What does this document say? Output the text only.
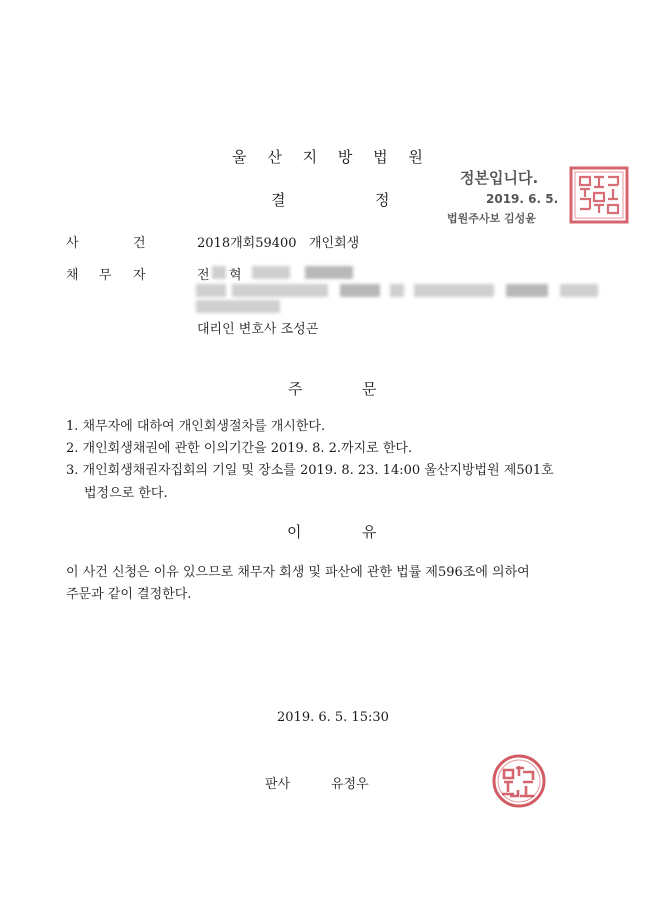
울 산 지 방 법 원
결	정
정본입니다.
2019. 6. 5.
법원주사보 김성윤
사	건	2018개회59400   개인회생
채 무 자	전 혁
대리인 변호사 조성곤
주	문
1. 채무자에 대하여 개인회생절차를 개시한다.
2. 개인회생채권에 관한 이의기간을 2019. 8. 2.까지로 한다.
3. 개인회생채권자집회의 기일 및 장소를 2019. 8. 23. 14:00 울산지방법원 제501호
법정으로 한다.
이	유
이 사건 신청은 이유 있으므로 채무자 회생 및 파산에 관한 법률 제596조에 의하여
주문과 같이 결정한다.
2019. 6. 5. 15:30
판사	유정우
